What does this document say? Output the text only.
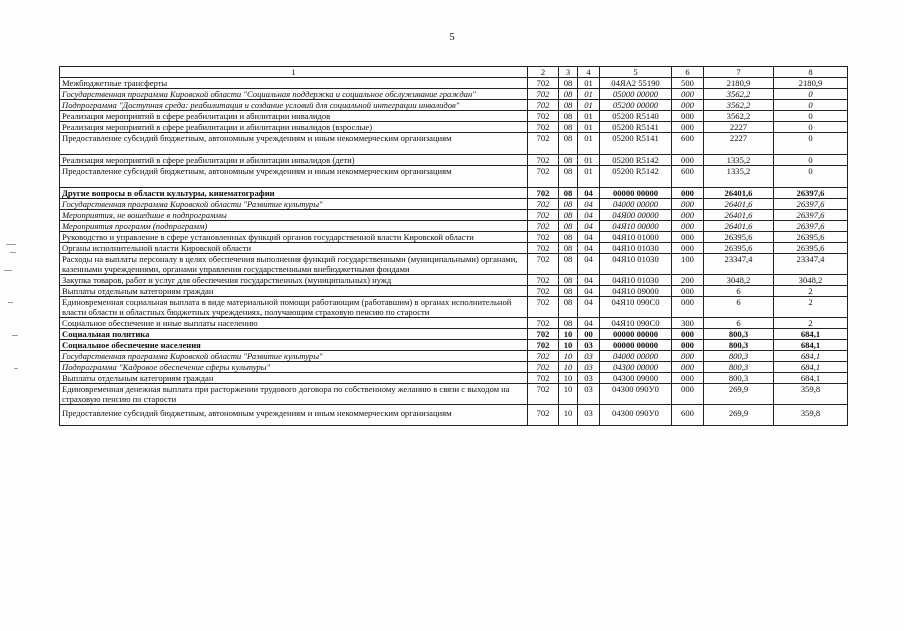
5
1	2	3	4	5	6	7	8
Межбюджетные трансферты	702	08	01	04ЯА2 55190	500	2180,9	2180,9
Государственная программа Кировской области "Социальная поддержка и социальное обслуживание граждан"	702	08	01	05000 00000	000	3562,2	0
Подпрограмма "Доступная среда: реабилитация и создание условий для социальной интеграции инвалидов"	702	08	01	05200 00000	000	3562,2	0
Реализация мероприятий в сфере реабилитации и абилитации инвалидов	702	08	01	05200 R5140	000	3562,2	0
Реализация мероприятий в сфере реабилитации и абилитации инвалидов (взрослые)	702	08	01	05200 R5141	000	2227	0
Предоставление субсидий бюджетным, автономным учреждениям и иным некоммерческим организациям	702	08	01	05200 R5141	600	2227	0
Реализация мероприятий в сфере реабилитации и абилитации инвалидов (дети)	702	08	01	05200 R5142	000	1335,2	0
Предоставление субсидий бюджетным, автономным учреждениям и иным некоммерческим организациям	702	08	01	05200 R5142	600	1335,2	0
Другие вопросы в области культуры, кинематографии	702	08	04	00000 00000	000	26401,6	26397,6
Государственная программа Кировской области "Развитие культуры"	702	08	04	04000 00000	000	26401,6	26397,6
Мероприятия, не вошедшие в подпрограммы	702	08	04	04Я00 00000	000	26401,6	26397,6
Мероприятия программ (подпрограмм)	702	08	04	04Я10 00000	000	26401,6	26397,6
Руководство и управление в сфере установленных функций органов государственной власти Кировской области	702	08	04	04Я10 01000	000	26395,6	26395,6
Органы исполнительной власти Кировской области	702	08	04	04Я10 01030	000	26395,6	26395,6
Расходы на выплаты персоналу в целях обеспечения выполнения функций государственными (муниципальными) органами, казенными учреждениями, органами управления государственными внебюджетными фондами	702	08	04	04Я10 01030	100	23347,4	23347,4
Закупка товаров, работ и услуг для обеспечения государственных (муниципальных) нужд	702	08	04	04Я10 01030	200	3048,2	3048,2
Выплаты отдельным категориям граждан	702	08	04	04Я10 09000	000	6	2
Единовременная социальная выплата в виде материальной помощи работающим (работавшим) в органах исполнительной власти области и областных бюджетных учреждениях, получающим страховую пенсию по старости	702	08	04	04Я10 090С0	000	6	2
Социальное обеспечение и иные выплаты населению	702	08	04	04Я10 090С0	300	6	2
Социальная политика	702	10	00	00000 00000	000	800,3	684,1
Социальное обеспечение населения	702	10	03	00000 00000	000	800,3	684,1
Государственная программа Кировской области "Развитие культуры"	702	10	03	04000 00000	000	800,3	684,1
Подпрограмма "Кадровое обеспечение сферы культуры"	702	10	03	04300 00000	000	800,3	684,1
Выплаты отдельным категориям граждан	702	10	03	04300 09000	000	800,3	684,1
Единовременная денежная выплата при расторжении трудового договора по собственному желанию в связи с выходом на страховую пенсию по старости	702	10	03	04300 090У0	000	269,9	359,8
Предоставление субсидий бюджетным, автономным учреждениям и иным некоммерческим организациям	702	10	03	04300 090У0	600	269,9	359,8
